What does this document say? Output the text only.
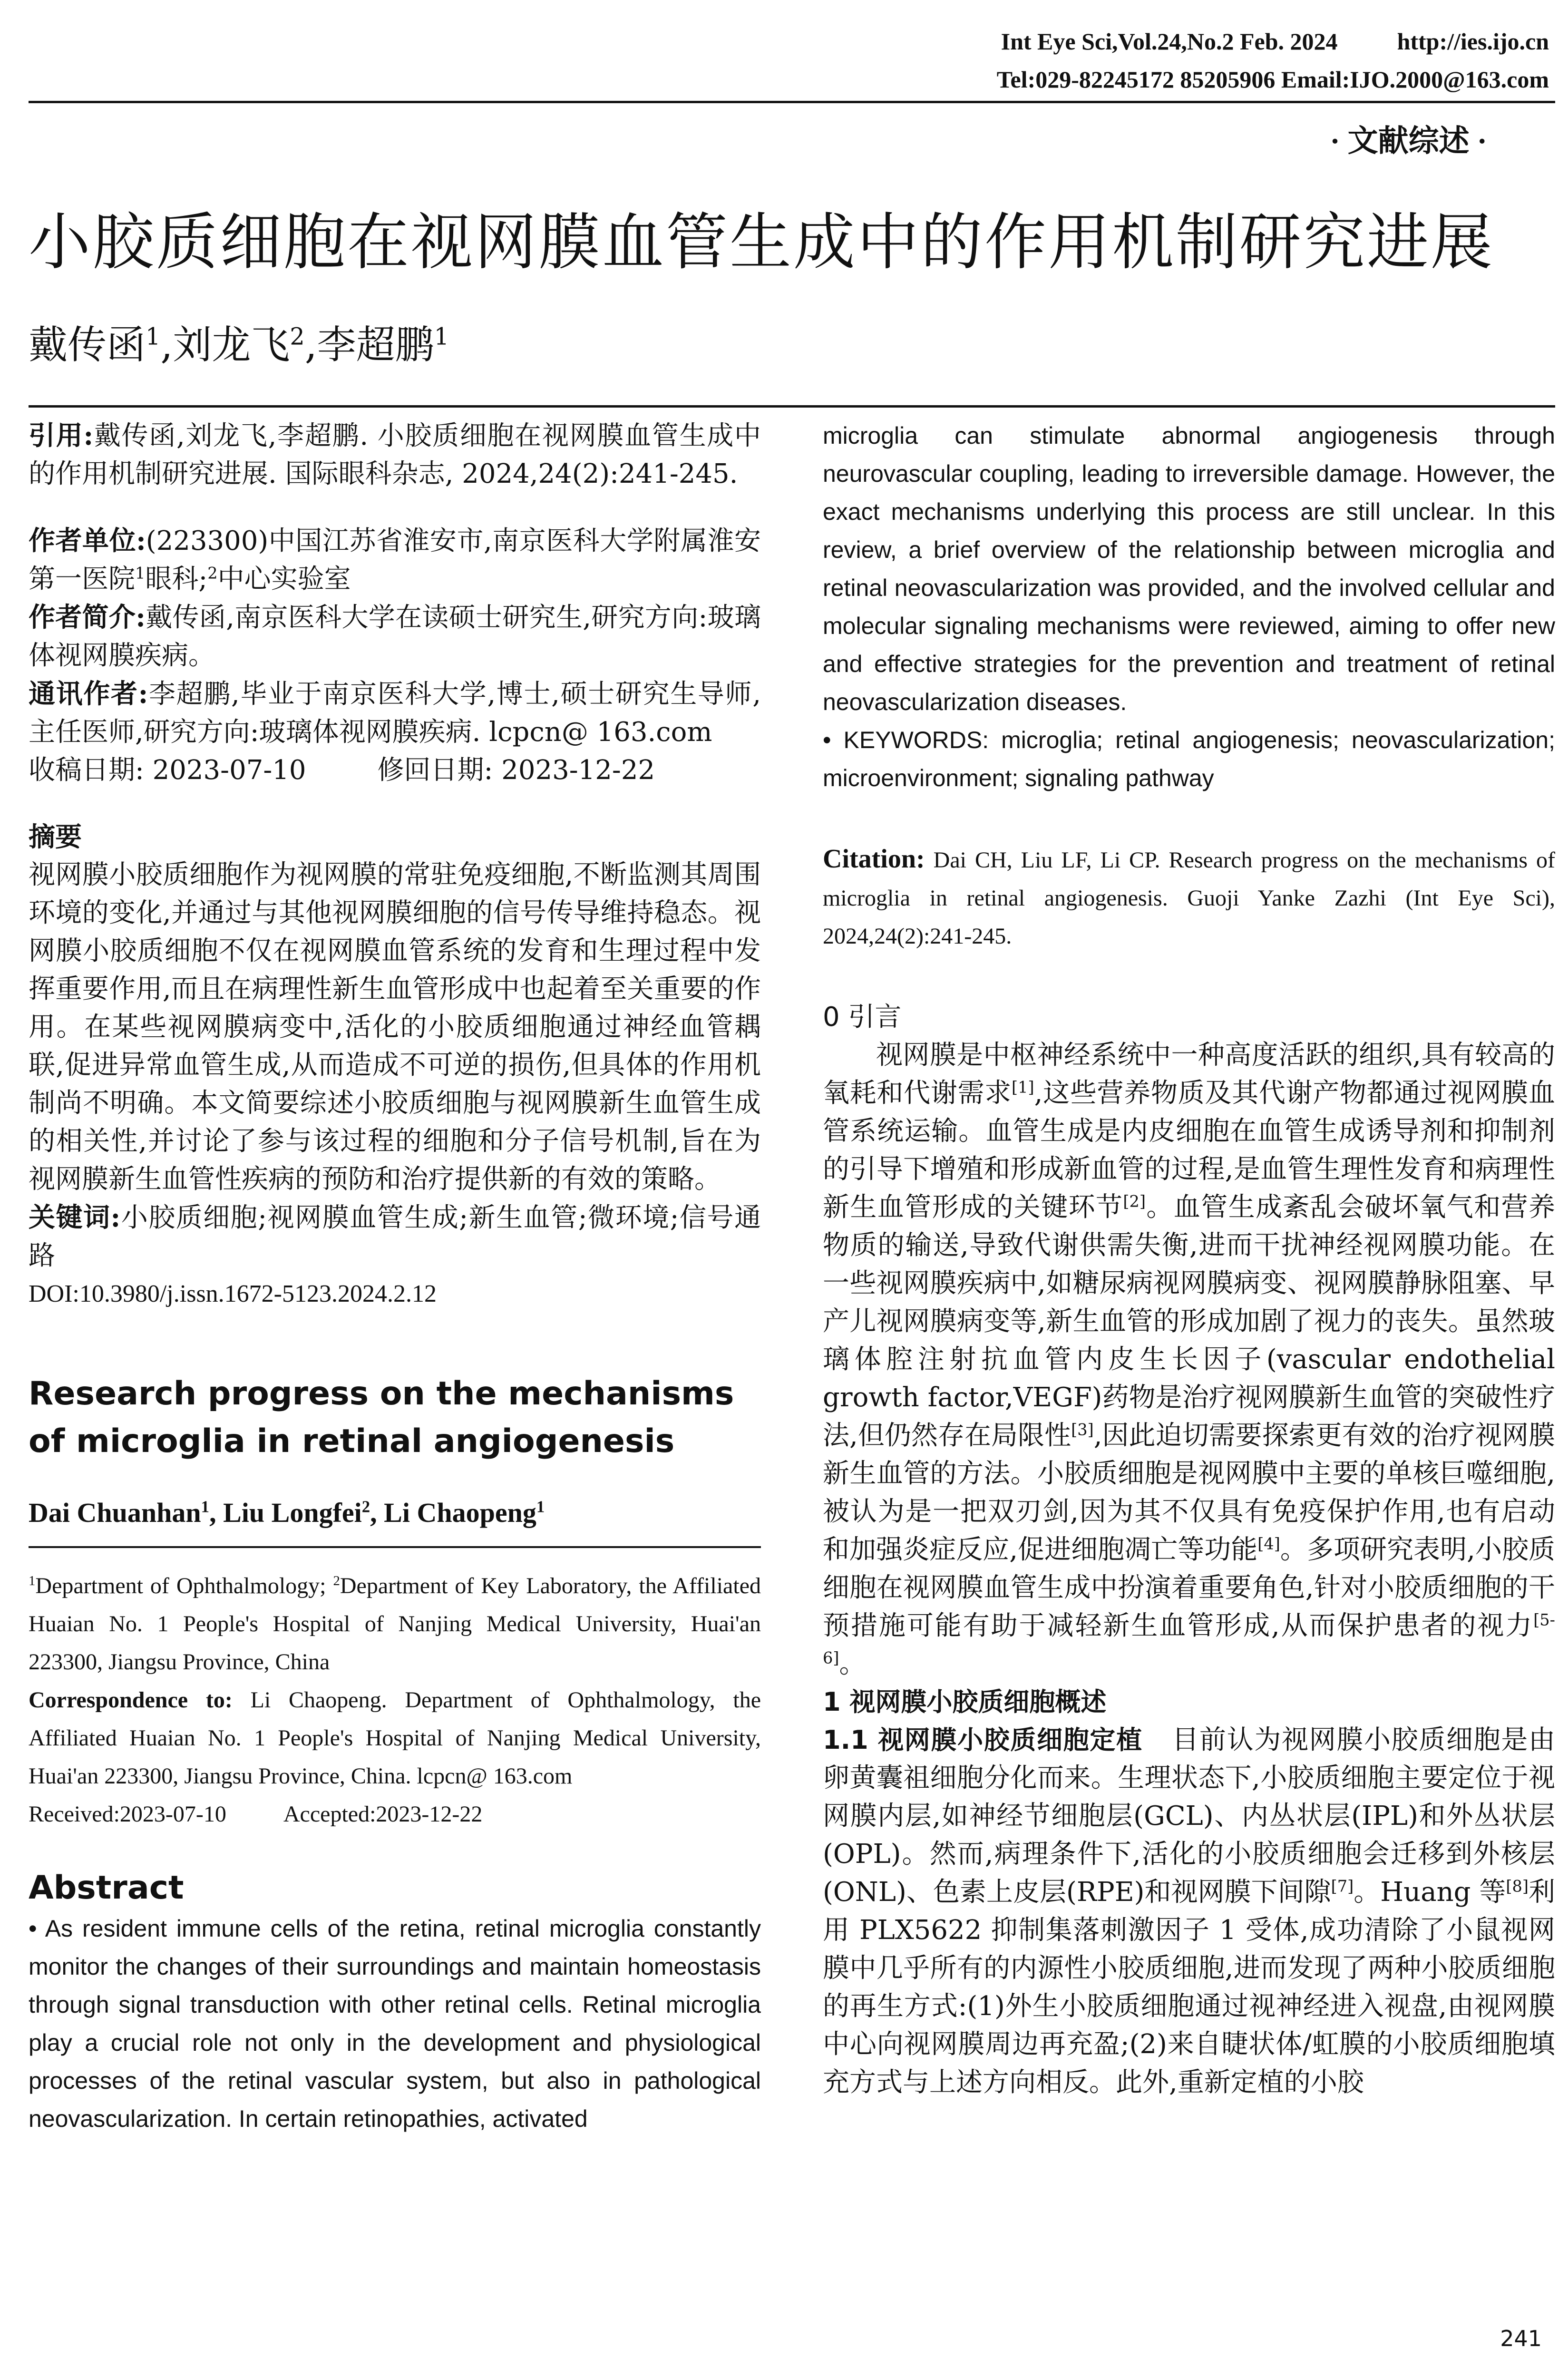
Int Eye Sci,Vol.24,No.2 Feb. 2024	http://ies.ijo.cn
Tel:029-82245172 85205906 Email:IJO.2000@163.com
· 文献综述 ·
小胶质细胞在视网膜血管生成中的作用机制研究进展
戴传函$^1$,刘龙飞$^2$,李超鹏$^1$

引用:戴传函,刘龙飞,李超鹏. 小胶质细胞在视网膜血管生成中的作用机制研究进展. 国际眼科杂志, 2024,24(2):241-245.

作者单位:(223300)中国江苏省淮安市,南京医科大学附属淮安第一医院$^1$眼科;$^2$中心实验室

作者简介:戴传函,南京医科大学在读硕士研究生,研究方向:玻璃体视网膜疾病。

通讯作者:李超鹏,毕业于南京医科大学,博士,硕士研究生导师,主任医师,研究方向:玻璃体视网膜疾病. lcpcn@ 163.com

收稿日期: 2023-07-10	修回日期: 2023-12-22

摘要

视网膜小胶质细胞作为视网膜的常驻免疫细胞,不断监测其周围环境的变化,并通过与其他视网膜细胞的信号传导维持稳态。视网膜小胶质细胞不仅在视网膜血管系统的发育和生理过程中发挥重要作用,而且在病理性新生血管形成中也起着至关重要的作用。在某些视网膜病变中,活化的小胶质细胞通过神经血管耦联,促进异常血管生成,从而造成不可逆的损伤,但具体的作用机制尚不明确。本文简要综述小胶质细胞与视网膜新生血管生成的相关性,并讨论了参与该过程的细胞和分子信号机制,旨在为视网膜新生血管性疾病的预防和治疗提供新的有效的策略。

关键词:小胶质细胞;视网膜血管生成;新生血管;微环境;信号通路

DOI:10.3980/j.issn.1672-5123.2024.2.12

Research progress on the mechanisms of microglia in retinal angiogenesis

Dai Chuanhan$^1$, Liu Longfei$^2$, Li Chaopeng$^1$

$^1$Department of Ophthalmology; $^2$Department of Key Laboratory, the Affiliated Huaian No. 1 People's Hospital of Nanjing Medical University, Huai'an 223300, Jiangsu Province, China

Correspondence to: Li Chaopeng. Department of Ophthalmology, the Affiliated Huaian No. 1 People's Hospital of Nanjing Medical University, Huai'an 223300, Jiangsu Province, China. lcpcn@ 163.com

Received:2023-07-10	Accepted:2023-12-22

Abstract

• As resident immune cells of the retina, retinal microglia constantly monitor the changes of their surroundings and maintain homeostasis through signal transduction with other retinal cells. Retinal microglia play a crucial role not only in the development and physiological processes of the retinal vascular system, but also in pathological neovascularization. In certain retinopathies, activated

microglia can stimulate abnormal angiogenesis through neurovascular coupling, leading to irreversible damage. However, the exact mechanisms underlying this process are still unclear. In this review, a brief overview of the relationship between microglia and retinal neovascularization was provided, and the involved cellular and molecular signaling mechanisms were reviewed, aiming to offer new and effective strategies for the prevention and treatment of retinal neovascularization diseases.

• KEYWORDS: microglia; retinal angiogenesis; neovascularization; microenvironment; signaling pathway

Citation: Dai CH, Liu LF, Li CP. Research progress on the mechanisms of microglia in retinal angiogenesis. Guoji Yanke Zazhi (Int Eye Sci), 2024,24(2):241-245.

0 引言

视网膜是中枢神经系统中一种高度活跃的组织,具有较高的氧耗和代谢需求[1],这些营养物质及其代谢产物都通过视网膜血管系统运输。血管生成是内皮细胞在血管生成诱导剂和抑制剂的引导下增殖和形成新血管的过程,是血管生理性发育和病理性新生血管形成的关键环节[2]。血管生成紊乱会破坏氧气和营养物质的输送,导致代谢供需失衡,进而干扰神经视网膜功能。在一些视网膜疾病中,如糖尿病视网膜病变、视网膜静脉阻塞、早产儿视网膜病变等,新生血管的形成加剧了视力的丧失。虽然玻璃体腔注射抗血管内皮生长因子(vascular endothelial growth factor,VEGF)药物是治疗视网膜新生血管的突破性疗法,但仍然存在局限性[3],因此迫切需要探索更有效的治疗视网膜新生血管的方法。小胶质细胞是视网膜中主要的单核巨噬细胞,被认为是一把双刃剑,因为其不仅具有免疫保护作用,也有启动和加强炎症反应,促进细胞凋亡等功能[4]。多项研究表明,小胶质细胞在视网膜血管生成中扮演着重要角色,针对小胶质细胞的干预措施可能有助于减轻新生血管形成,从而保护患者的视力[5-6]。

1 视网膜小胶质细胞概述

1.1 视网膜小胶质细胞定植 目前认为视网膜小胶质细胞是由卵黄囊祖细胞分化而来。生理状态下,小胶质细胞主要定位于视网膜内层,如神经节细胞层(GCL)、内丛状层(IPL)和外丛状层(OPL)。然而,病理条件下,活化的小胶质细胞会迁移到外核层(ONL)、色素上皮层(RPE)和视网膜下间隙[7]。Huang 等[8]利用 PLX5622 抑制集落刺激因子 1 受体,成功清除了小鼠视网膜中几乎所有的内源性小胶质细胞,进而发现了两种小胶质细胞的再生方式:(1)外生小胶质细胞通过视神经进入视盘,由视网膜中心向视网膜周边再充盈;(2)来自睫状体/虹膜的小胶质细胞填充方式与上述方向相反。此外,重新定植的小胶

241
